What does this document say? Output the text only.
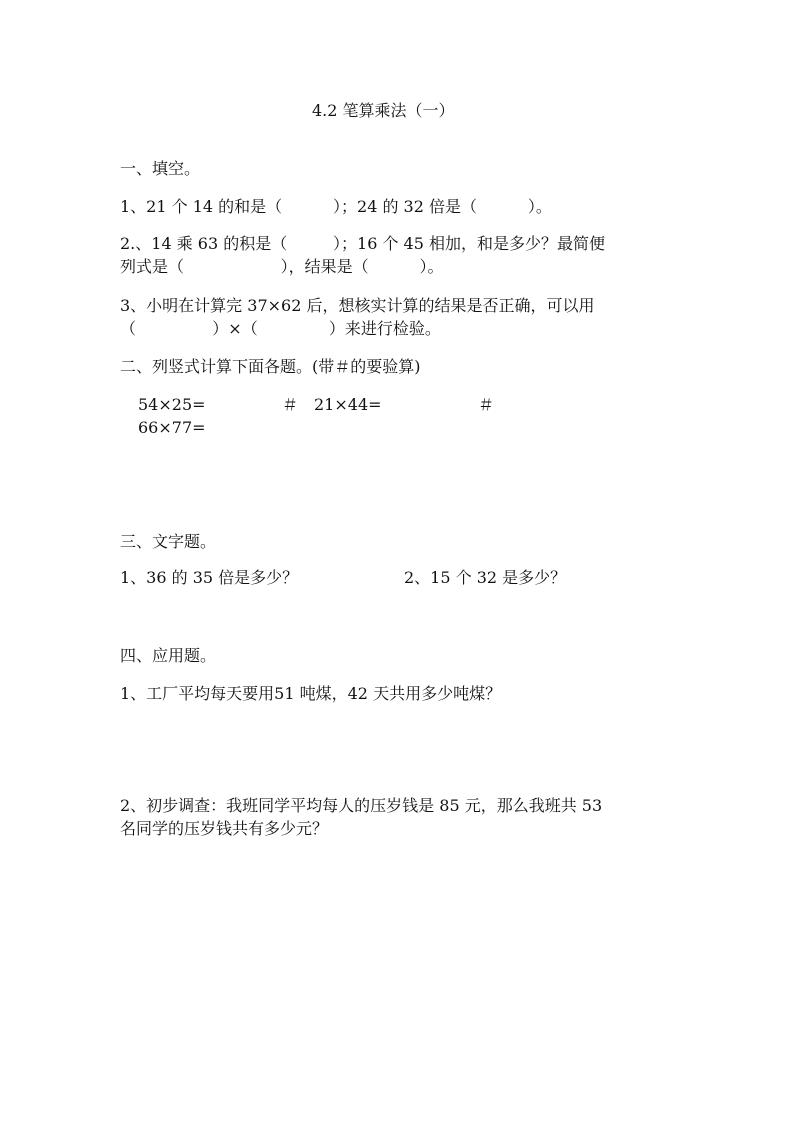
4.2 笔算乘法（一）
一、填空。
1、21 个 14 的和是（          ）；24 的 32 倍是（          ）。
2.、14 乘 63 的积是（         ）；16 个 45 相加，和是多少？最简便
列式是（                   ），结果是（          ）。
3、小明在计算完 37×62 后，想核实计算的结果是否正确，可以用
（               ）×（              ）来进行检验。
二、列竖式计算下面各题。(带＃的要验算)
54×25=	＃ 21×44=	＃
66×77=
三、文字题。
1、36 的 35 倍是多少？	2、15 个 32 是多少？
四、应用题。
1、工厂平均每天要用51 吨煤，42 天共用多少吨煤？
2、初步调查：我班同学平均每人的压岁钱是 85 元，那么我班共 53
名同学的压岁钱共有多少元？
